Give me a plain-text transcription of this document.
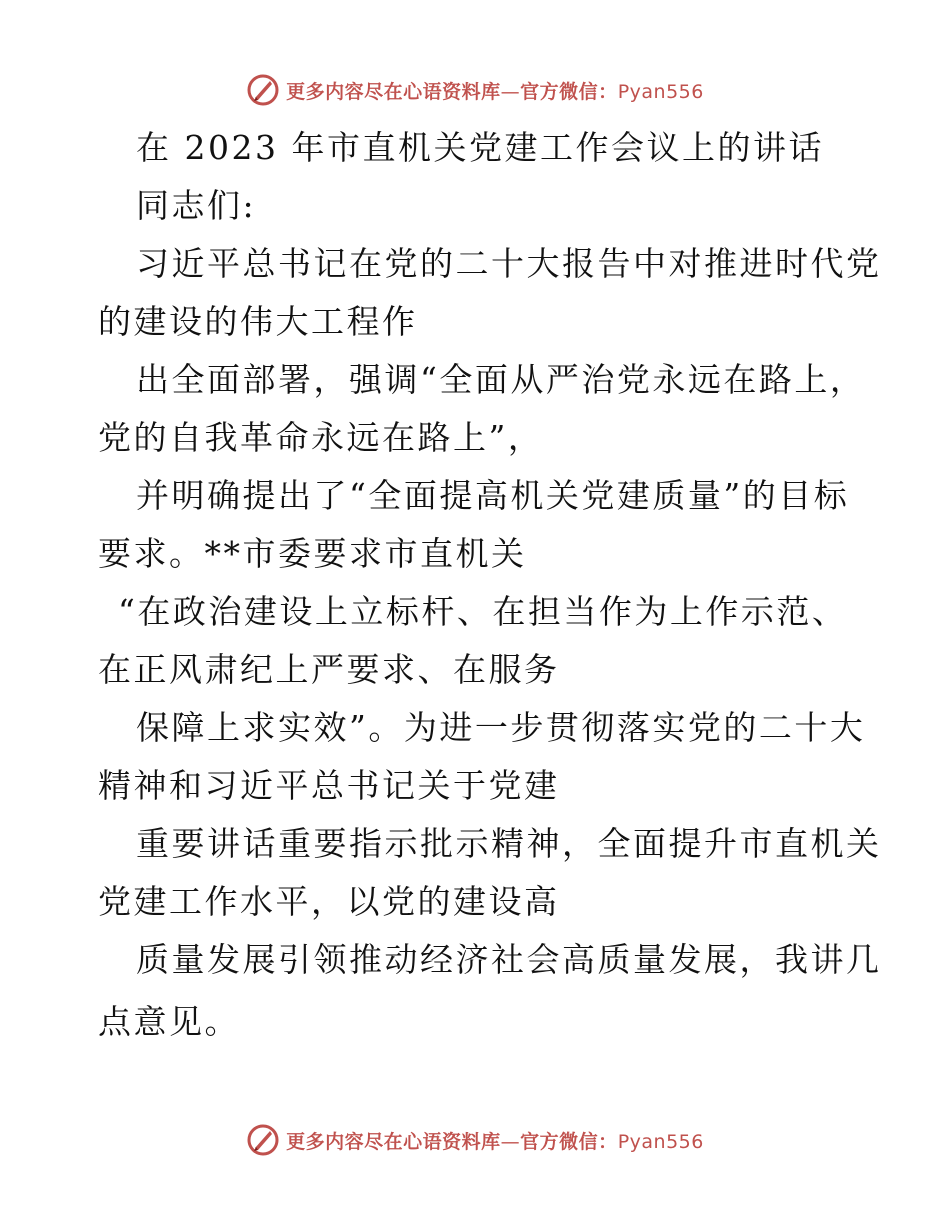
更多内容尽在心语资料库—官方微信：Pyan556
在 2023 年市直机关党建工作会议上的讲话
同志们:
习近平总书记在党的二十大报告中对推进时代党
的建设的伟大工程作
出全面部署，强调“全面从严治党永远在路上，
党的自我革命永远在路上”，
并明确提出了“全面提高机关党建质量”的目标
要求。**市委要求市直机关
“在政治建设上立标杆、在担当作为上作示范、
在正风肃纪上严要求、在服务
保障上求实效”。为进一步贯彻落实党的二十大
精神和习近平总书记关于党建
重要讲话重要指示批示精神，全面提升市直机关
党建工作水平，以党的建设高
质量发展引领推动经济社会高质量发展，我讲几
点意见。
更多内容尽在心语资料库—官方微信：Pyan556
